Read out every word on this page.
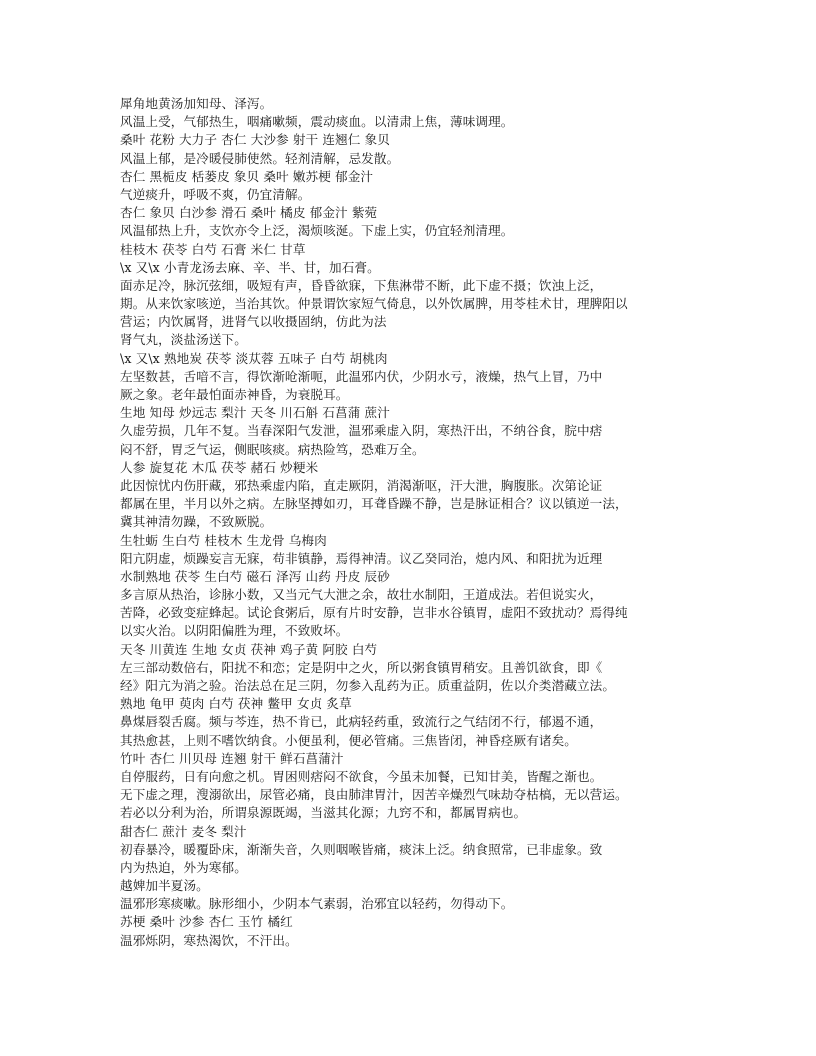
犀角地黄汤加知母、泽泻。
风温上受，气郁热生，咽痛嗽频，震动痰血。以清肃上焦，薄味调理。
桑叶 花粉 大力子 杏仁 大沙参 射干 连翘仁 象贝
风温上郁，是冷暖侵肺使然。轻剂清解，忌发散。
杏仁 黑栀皮 栝蒌皮 象贝 桑叶 嫩苏梗 郁金汁
气逆痰升，呼吸不爽，仍宜清解。
杏仁 象贝 白沙参 滑石 桑叶 橘皮 郁金汁 紫菀
风温郁热上升，支饮亦令上泛，渴烦咳涎。下虚上实，仍宜轻剂清理。
桂枝木 茯苓 白芍 石膏 米仁 甘草
\x 又\x 小青龙汤去麻、辛、半、甘，加石膏。
面赤足冷，脉沉弦细，吸短有声，昏昏欲寐，下焦淋带不断，此下虚不摄；饮浊上泛，
期。从来饮家咳逆，当治其饮。仲景谓饮家短气倚息，以外饮属脾，用苓桂术甘，理脾阳以
营运；内饮属肾，进肾气以收摄固纳，仿此为法
肾气丸，淡盐汤送下。
\x 又\x 熟地炭 茯苓 淡苁蓉 五味子 白芍 胡桃肉
左坚数甚，舌喑不言，得饮渐呛渐呃，此温邪内伏，少阴水亏，液燥，热气上冒，乃中
厥之象。老年最怕面赤神昏，为衰脱耳。
生地 知母 炒远志 梨汁 天冬 川石斛 石菖蒲 蔗汁
久虚劳损，几年不复。当春深阳气发泄，温邪乘虚入阴，寒热汗出，不纳谷食，脘中痞
闷不舒，胃乏气运，侧眠咳痰。病热险笃，恐难万全。
人参 旋复花 木瓜 茯苓 赭石 炒粳米
此因惊忧内伤肝藏，邪热乘虚内陷，直走厥阴，消渴渐呕，汗大泄，胸腹胀。次第论证
都属在里，半月以外之病。左脉坚搏如刃，耳聋昏躁不静，岂是脉证相合？议以镇逆一法，
冀其神清勿躁，不致厥脱。
生牡蛎 生白芍 桂枝木 生龙骨 乌梅肉
阳亢阴虚，烦躁妄言无寐，苟非镇静，焉得神清。议乙癸同治，熄内风、和阳扰为近理
水制熟地 茯苓 生白芍 磁石 泽泻 山药 丹皮 辰砂
多言原从热治，诊脉小数，又当元气大泄之余，故壮水制阳，王道成法。若但说实火，
苦降，必致变症蜂起。试论食粥后，原有片时安静，岂非水谷镇胃，虚阳不致扰动？焉得纯
以实火治。以阴阳偏胜为理，不致败坏。
天冬 川黄连 生地 女贞 茯神 鸡子黄 阿胶 白芍
左三部动数倍右，阳扰不和恋；定是阴中之火，所以粥食镇胃稍安。且善饥欲食，即《
经》阳亢为消之验。治法总在足三阴，勿参入乱药为正。质重益阴，佐以介类潜藏立法。
熟地 龟甲 萸肉 白芍 茯神 鳖甲 女贞 炙草
鼻煤唇裂舌腐。频与芩连，热不肯已，此病轻药重，致流行之气结闭不行，郁遏不通，
其热愈甚，上则不嗜饮纳食。小便虽利，便必管痛。三焦皆闭，神昏痉厥有诸矣。
竹叶 杏仁 川贝母 连翘 射干 鲜石菖蒲汁
自停服药，日有向愈之机。胃困则痞闷不欲食，今虽未加餐，已知甘美，皆醒之渐也。
无下虚之理，溲溺欲出，尿管必痛，良由肺津胃汁，因苦辛燥烈气味劫夺枯槁，无以营运。
若必以分利为治，所谓泉源既竭，当滋其化源；九窍不和，都属胃病也。
甜杏仁 蔗汁 麦冬 梨汁
初春暴冷，暖覆卧床，渐渐失音，久则咽喉皆痛，痰沫上泛。纳食照常，已非虚象。致
内为热迫，外为寒郁。
越婢加半夏汤。
温邪形寒痰嗽。脉形细小，少阴本气素弱，治邪宜以轻药，勿得动下。
苏梗 桑叶 沙参 杏仁 玉竹 橘红
温邪烁阴，寒热渴饮，不汗出。
